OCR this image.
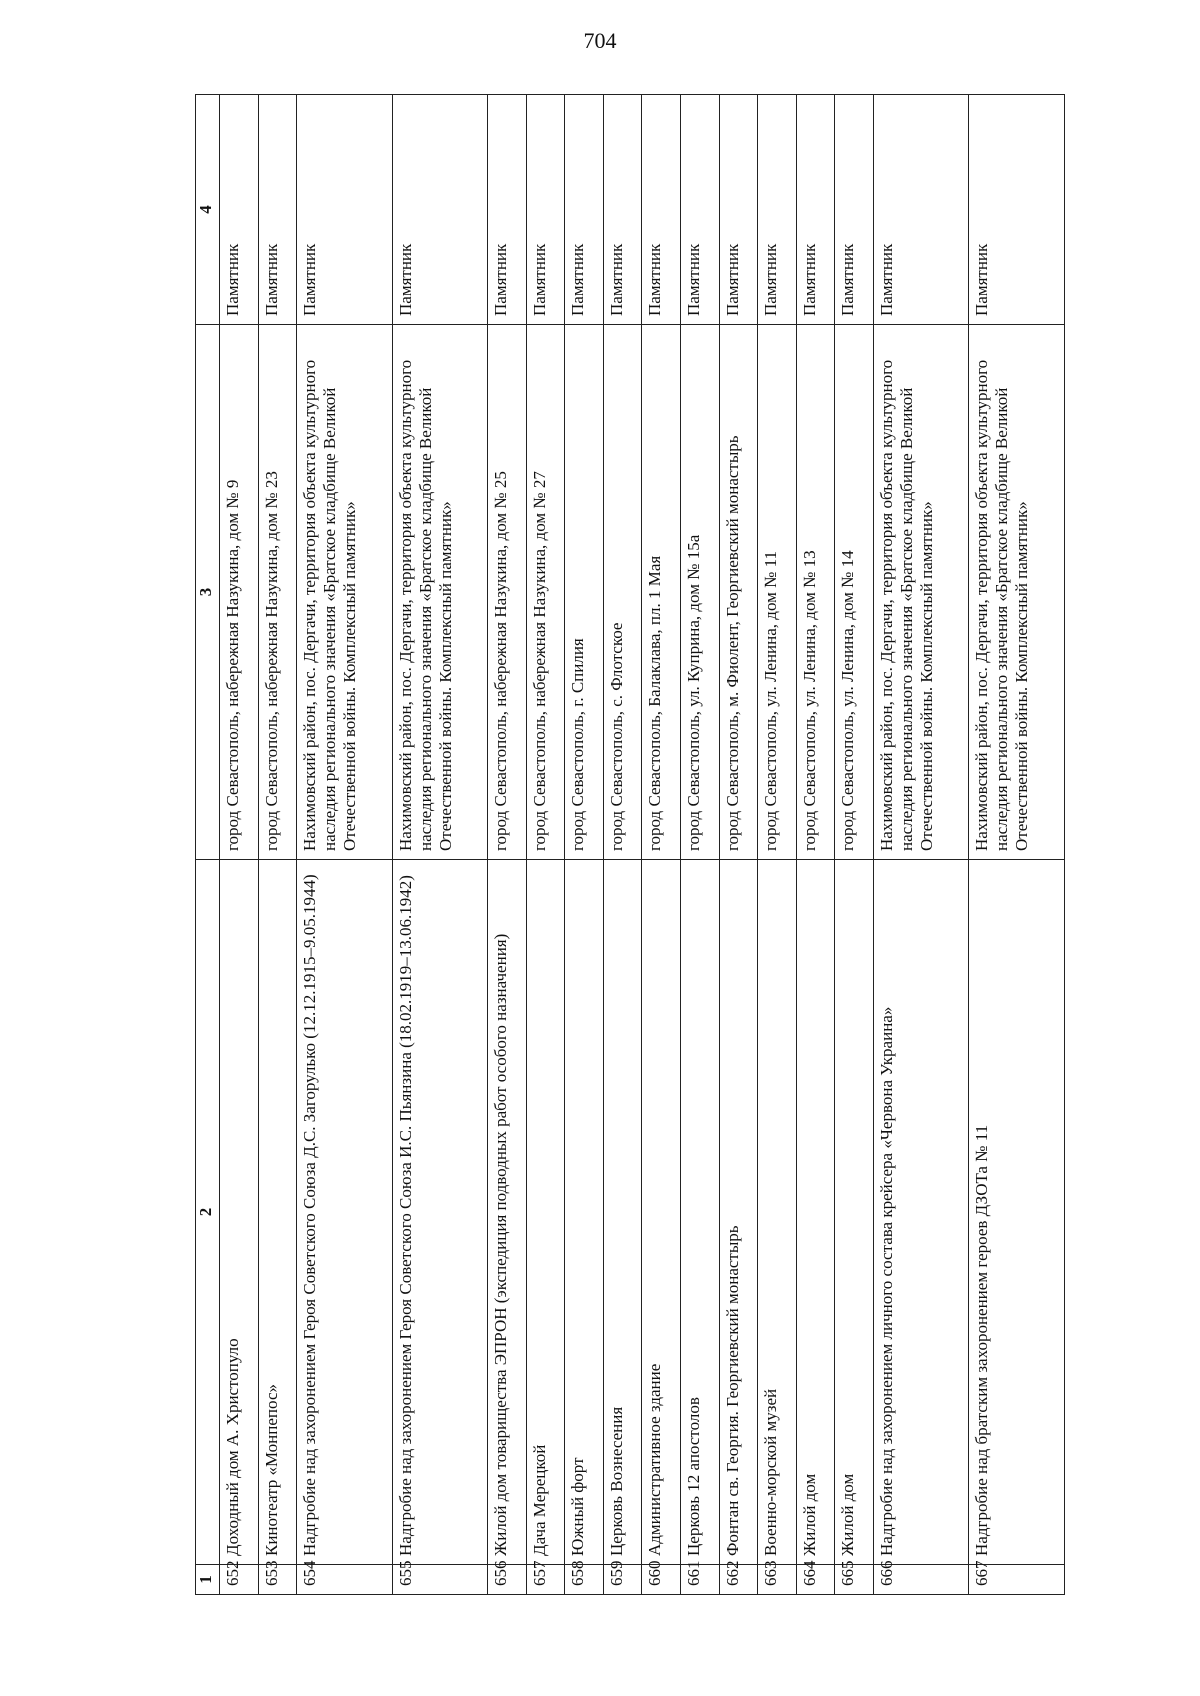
704
1	2	3	4
652	Доходный дом А. Христопуло	город Севастополь, набережная Назукина, дом № 9	Памятник
653	Кинотеатр «Монпепос»	город Севастополь, набережная Назукина, дом № 23	Памятник
654	Надгробие над захоронением Героя Советского Союза Д.С. Загорулько (12.12.1915–9.05.1944)	Нахимовский район, пос. Дергачи, территория объекта культурного наследия регионального значения «Братское кладбище Великой Отечественной войны. Комплексный памятник»	Памятник
655	Надгробие над захоронением Героя Советского Союза И.С. Пьянзина (18.02.1919–13.06.1942)	Нахимовский район, пос. Дергачи, территория объекта культурного наследия регионального значения «Братское кладбище Великой Отечественной войны. Комплексный памятник»	Памятник
656	Жилой дом товарищества ЭПРОН (экспедиция подводных работ особого назначения)	город Севастополь, набережная Назукина, дом № 25	Памятник
657	Дача Мерецкой	город Севастополь, набережная Назукина, дом № 27	Памятник
658	Южный форт	город Севастополь, г. Спилия	Памятник
659	Церковь Вознесения	город Севастополь, с. Флотское	Памятник
660	Административное здание	город Севастополь, Балаклава, пл. 1 Мая	Памятник
661	Церковь 12 апостолов	город Севастополь, ул. Куприна, дом № 15а	Памятник
662	Фонтан св. Георгия. Георгиевский монастырь	город Севастополь, м. Фиолент, Георгиевский монастырь	Памятник
663	Военно-морской музей	город Севастополь, ул. Ленина, дом № 11	Памятник
664	Жилой дом	город Севастополь, ул. Ленина, дом № 13	Памятник
665	Жилой дом	город Севастополь, ул. Ленина, дом № 14	Памятник
666	Надгробие над захоронением личного состава крейсера «Червона Украина»	Нахимовский район, пос. Дергачи, территория объекта культурного наследия регионального значения «Братское кладбище Великой Отечественной войны. Комплексный памятник»	Памятник
667	Надгробие над братским захоронением героев ДЗОТа № 11	Нахимовский район, пос. Дергачи, территория объекта культурного наследия регионального значения «Братское кладбище Великой Отечественной войны. Комплексный памятник»	Памятник
